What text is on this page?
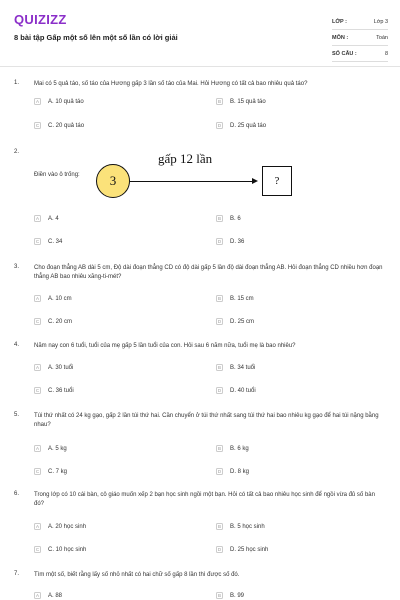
QUIZIZZ
8 bài tập Gấp một số lên một số lần có lời giải
LỚP :	Lớp 3
MÔN :	Toán
SỐ CÂU :	8
1. Mai có 5 quả táo, số táo của Hương gấp 3 lần số táo của Mai. Hỏi Hương có tất cả bao nhiêu quả táo?
A	A. 10 quả táo	B	B. 15 quả táo
C	C. 20 quả táo	D	D. 25 quả táo
2.
Điền vào ô trống:	3
gấp 12 lần
?
A	A. 4	B	B. 6
C	C. 34	D	D. 36
3. Cho đoạn thẳng AB dài 5 cm, Độ dài đoạn thẳng CD có độ dài gấp 5 lần độ dài đoạn thẳng AB. Hỏi đoạn thẳng CD nhiều hơn đoạn thẳng AB bao nhiêu xăng-ti-mét?
A	A. 10 cm	B	B. 15 cm
C	C. 20 cm	D	D. 25 cm
4. Năm nay con 6 tuổi, tuổi của mẹ gấp 5 lần tuổi của con. Hỏi sau 6 năm nữa, tuổi mẹ là bao nhiêu?
A	A. 30 tuổi	B	B. 34 tuổi
C	C. 36 tuổi	D	D. 40 tuổi
5. Túi thứ nhất có 24 kg gạo, gấp 2 lần túi thứ hai. Cần chuyển ở túi thứ nhất sang túi thứ hai bao nhiêu kg gạo để hai túi nặng bằng nhau?
A	A. 5 kg	B	B. 6 kg
C	C. 7 kg	D	D. 8 kg
6. Trong lớp có 10 cái bàn, cô giáo muốn xếp 2 bạn học sinh ngồi một bạn. Hỏi có tất cả bao nhiêu học sinh để ngồi vừa đủ số bàn đó?
A	A. 20 học sinh	B	B. 5 học sinh
C	C. 10 học sinh	D	D. 25 học sinh
7. Tìm một số, biết rằng lấy số nhỏ nhất có hai chữ số gấp 8 lần thì được số đó.
A	A. 88	B	B. 99
